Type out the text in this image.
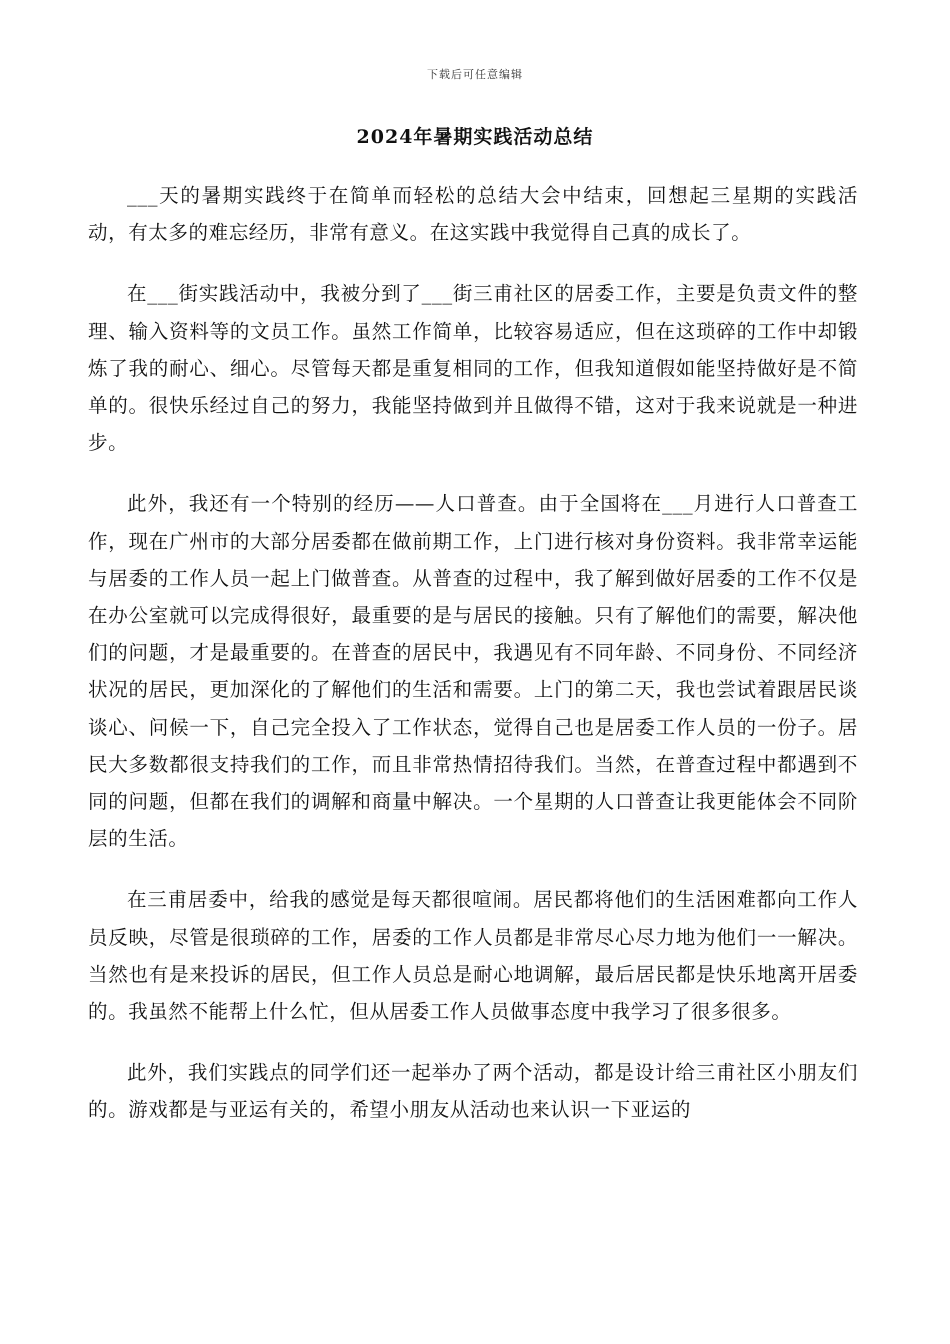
下载后可任意编辑
2024年暑期实践活动总结

___天的暑期实践终于在简单而轻松的总结大会中结束，回想起三星期的实践活动，有太多的难忘经历，非常有意义。在这实践中我觉得自己真的成长了。

在___街实践活动中，我被分到了___街三甫社区的居委工作，主要是负责文件的整理、输入资料等的文员工作。虽然工作简单，比较容易适应，但在这琐碎的工作中却锻炼了我的耐心、细心。尽管每天都是重复相同的工作，但我知道假如能坚持做好是不简单的。很快乐经过自己的努力，我能坚持做到并且做得不错，这对于我来说就是一种进步。

此外，我还有一个特别的经历——人口普查。由于全国将在___月进行人口普查工作，现在广州市的大部分居委都在做前期工作，上门进行核对身份资料。我非常幸运能与居委的工作人员一起上门做普查。从普查的过程中，我了解到做好居委的工作不仅是在办公室就可以完成得很好，最重要的是与居民的接触。只有了解他们的需要，解决他们的问题，才是最重要的。在普查的居民中，我遇见有不同年龄、不同身份、不同经济状况的居民，更加深化的了解他们的生活和需要。上门的第二天，我也尝试着跟居民谈谈心、问候一下，自己完全投入了工作状态，觉得自己也是居委工作人员的一份子。居民大多数都很支持我们的工作，而且非常热情招待我们。当然，在普查过程中都遇到不同的问题，但都在我们的调解和商量中解决。一个星期的人口普查让我更能体会不同阶层的生活。

在三甫居委中，给我的感觉是每天都很喧闹。居民都将他们的生活困难都向工作人员反映，尽管是很琐碎的工作，居委的工作人员都是非常尽心尽力地为他们一一解决。当然也有是来投诉的居民，但工作人员总是耐心地调解，最后居民都是快乐地离开居委的。我虽然不能帮上什么忙，但从居委工作人员做事态度中我学习了很多很多。

此外，我们实践点的同学们还一起举办了两个活动，都是设计给三甫社区小朋友们的。游戏都是与亚运有关的，希望小朋友从活动也来认识一下亚运的
